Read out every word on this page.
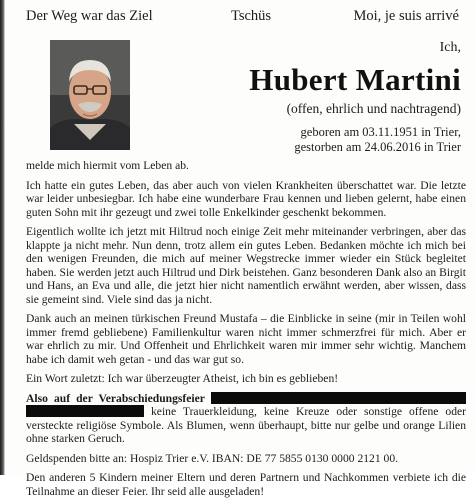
Der Weg war das Ziel	Tschüs	Moi, je suis arrivé
Ich,
Hubert Martini
(offen, ehrlich und nachtragend)
geboren am 03.11.1951 in Trier,
gestorben am 24.06.2016 in Trier

melde mich hiermit vom Leben ab.

Ich hatte ein gutes Leben, das aber auch von vielen Krankheiten überschattet war. Die letzte war leider unbesiegbar. Ich habe eine wunderbare Frau kennen und lieben gelernt, habe einen guten Sohn mit ihr gezeugt und zwei tolle Enkelkinder geschenkt bekommen.

Eigentlich wollte ich jetzt mit Hiltrud noch einige Zeit mehr miteinander verbringen, aber das klappte ja nicht mehr. Nun denn, trotz allem ein gutes Leben. Bedanken möchte ich mich bei den wenigen Freunden, die mich auf meiner Wegstrecke immer wieder ein Stück begleitet haben. Sie werden jetzt auch Hiltrud und Dirk beistehen. Ganz besonderen Dank also an Birgit und Hans, an Eva und alle, die jetzt hier nicht namentlich erwähnt werden, aber wissen, dass sie gemeint sind. Viele sind das ja nicht.

Dank auch an meinen türkischen Freund Mustafa – die Einblicke in seine (mir in Teilen wohl immer fremd gebliebene) Familienkultur waren nicht immer schmerzfrei für mich. Aber er war ehrlich zu mir. Und Offenheit und Ehrlichkeit waren mir immer sehr wichtig. Manchem habe ich damit weh getan - und das war gut so.

Ein Wort zuletzt: Ich war überzeugter Atheist, ich bin es geblieben!

Also auf der Verabschiedungsfeier   keine Trauerkleidung, keine Kreuze oder sonstige offene oder versteckte religiöse Symbole. Als Blumen, wenn überhaupt, bitte nur gelbe und orange Lilien ohne starken Geruch.

Geldspenden bitte an: Hospiz Trier e.V. IBAN: DE 77 5855 0130 0000 2121 00.

Den anderen 5 Kindern meiner Eltern und deren Partnern und Nachkommen verbiete ich die Teilnahme an dieser Feier. Ihr seid alle ausgeladen!
